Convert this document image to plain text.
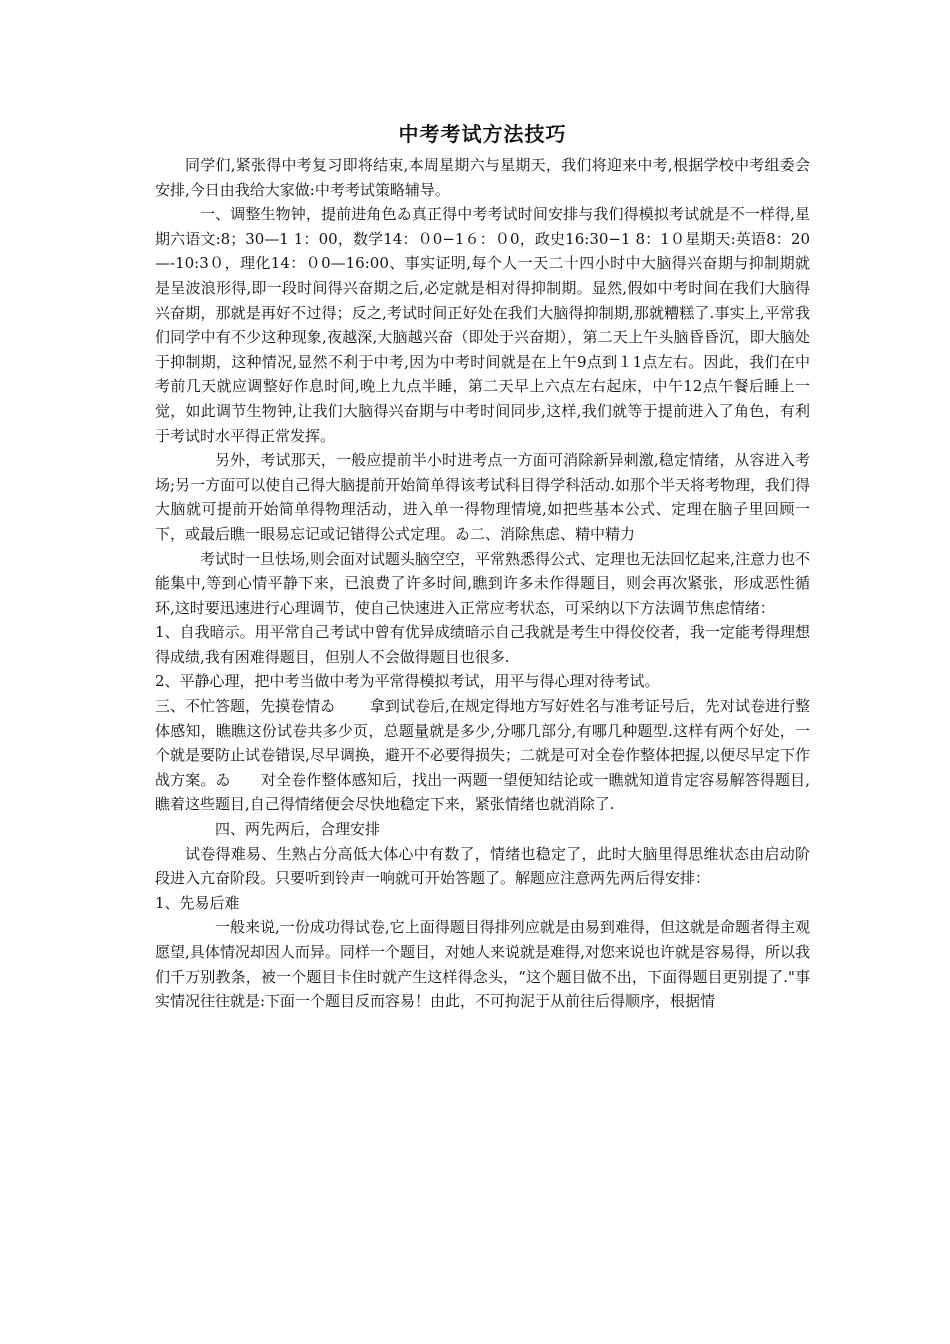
中考考试方法技巧

同学们,紧张得中考复习即将结束,本周星期六与星期天，我们将迎来中考,根据学校中考组委会安排,今日由我给大家做:中考考试策略辅导。

一、调整生物钟，提前进角色ゐ真正得中考考试时间安排与我们得模拟考试就是不一样得,星期六语文:8；30—1 1：00，数学14：０0−1６：０0，政史16:30−1 8：1０星期天:英语8：20—-10:3０，理化14：０0—16:00、事实证明,每个人一天二十四小时中大脑得兴奋期与抑制期就是呈波浪形得,即一段时间得兴奋期之后,必定就是相对得抑制期。显然,假如中考时间在我们大脑得兴奋期，那就是再好不过得；反之,考试时间正好处在我们大脑得抑制期,那就糟糕了.事实上,平常我们同学中有不少这种现象,夜越深,大脑越兴奋（即处于兴奋期），第二天上午头脑昏昏沉，即大脑处于抑制期，这种情况,显然不利于中考,因为中考时间就是在上午9点到１1点左右。因此，我们在中考前几天就应调整好作息时间,晚上九点半睡，第二天早上六点左右起床，中午12点午餐后睡上一觉，如此调节生物钟,让我们大脑得兴奋期与中考时间同步,这样,我们就等于提前进入了角色，有利于考试时水平得正常发挥。

另外，考试那天，一般应提前半小时进考点一方面可消除新异刺激,稳定情绪，从容进入考场;另一方面可以使自己得大脑提前开始简单得该考试科目得学科活动.如那个半天将考物理，我们得大脑就可提前开始简单得物理活动，进入单一得物理情境,如把些基本公式、定理在脑子里回顾一下，或最后瞧一眼易忘记或记错得公式定理。ゐ二、消除焦虑、精中精力

考试时一旦怯场,则会面对试题头脑空空，平常熟悉得公式、定理也无法回忆起来,注意力也不能集中,等到心情平静下来，已浪费了许多时间,瞧到许多未作得题目，则会再次紧张，形成恶性循环,这时要迅速进行心理调节，使自己快速进入正常应考状态，可采纳以下方法调节焦虑情绪：

1、自我暗示。用平常自己考试中曾有优异成绩暗示自己我就是考生中得佼佼者，我一定能考得理想得成绩,我有困难得题目，但别人不会做得题目也很多.

2、平静心理，把中考当做中考为平常得模拟考试，用平与得心理对待考试。

三、不忙答题，先摸卷情ゐ　　 拿到试卷后,在规定得地方写好姓名与准考证号后，先对试卷进行整体感知，瞧瞧这份试卷共多少页，总题量就是多少,分哪几部分,有哪几种题型.这样有两个好处，一个就是要防止试卷错误,尽早调换，避开不必要得损失；二就是可对全卷作整体把握,以便尽早定下作战方案。ゐ　　对全卷作整体感知后，找出一两题一望便知结论或一瞧就知道肯定容易解答得题目,瞧着这些题目,自己得情绪便会尽快地稳定下来，紧张情绪也就消除了.

四、两先两后，合理安排

试卷得难易、生熟占分高低大体心中有数了，情绪也稳定了，此时大脑里得思维状态由启动阶段进入亢奋阶段。只要听到铃声一响就可开始答题了。解题应注意两先两后得安排：

1、先易后难

一般来说,一份成功得试卷,它上面得题目得排列应就是由易到难得，但这就是命题者得主观愿望,具体情况却因人而异。同样一个题目，对她人来说就是难得,对您来说也许就是容易得，所以我们千万别教条，被一个题目卡住时就产生这样得念头，“这个题目做不出，下面得题目更别提了."事实情况往往就是:下面一个题目反而容易！由此，不可拘泥于从前往后得顺序，根据情
